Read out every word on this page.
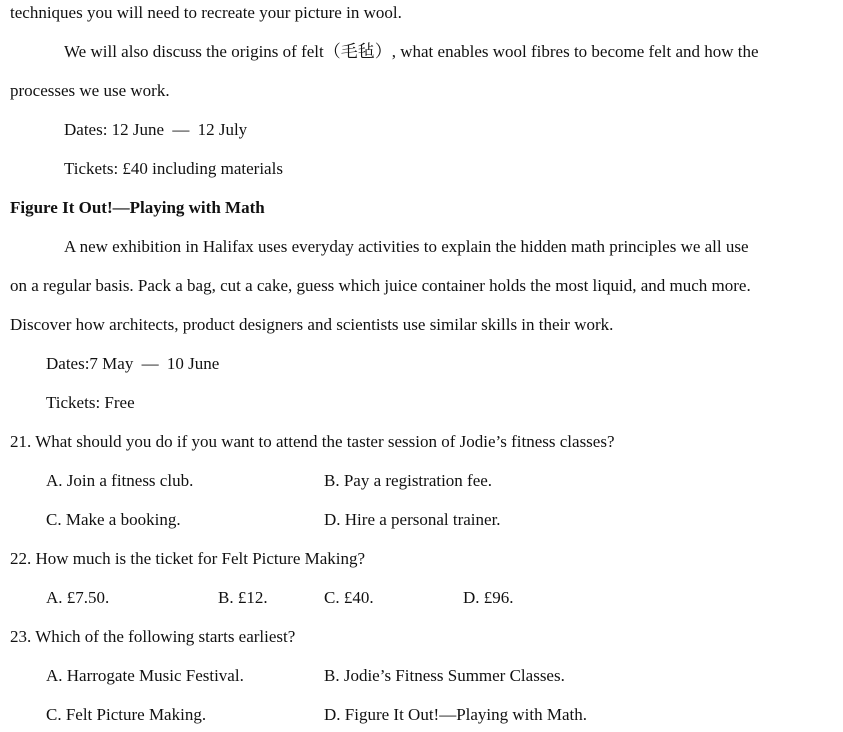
techniques you will need to recreate your picture in wool.
We will also discuss the origins of felt（毛毡）, what enables wool fibres to become felt and how the
processes we use work.
Dates: 12 June — 12 July
Tickets: £40 including materials
Figure It Out!—Playing with Math
A new exhibition in Halifax uses everyday activities to explain the hidden math principles we all use
on a regular basis. Pack a bag, cut a cake, guess which juice container holds the most liquid, and much more.
Discover how architects, product designers and scientists use similar skills in their work.
Dates:7 May — 10 June
Tickets: Free
21. What should you do if you want to attend the taster session of Jodie’s fitness classes?
A. Join a fitness club.	B. Pay a registration fee.
C. Make a booking.	D. Hire a personal trainer.
22. How much is the ticket for Felt Picture Making?
A. £7.50.	B. £12.	C. £40.	D. £96.
23. Which of the following starts earliest?
A. Harrogate Music Festival.	B. Jodie’s Fitness Summer Classes.
C. Felt Picture Making.	D. Figure It Out!—Playing with Math.
